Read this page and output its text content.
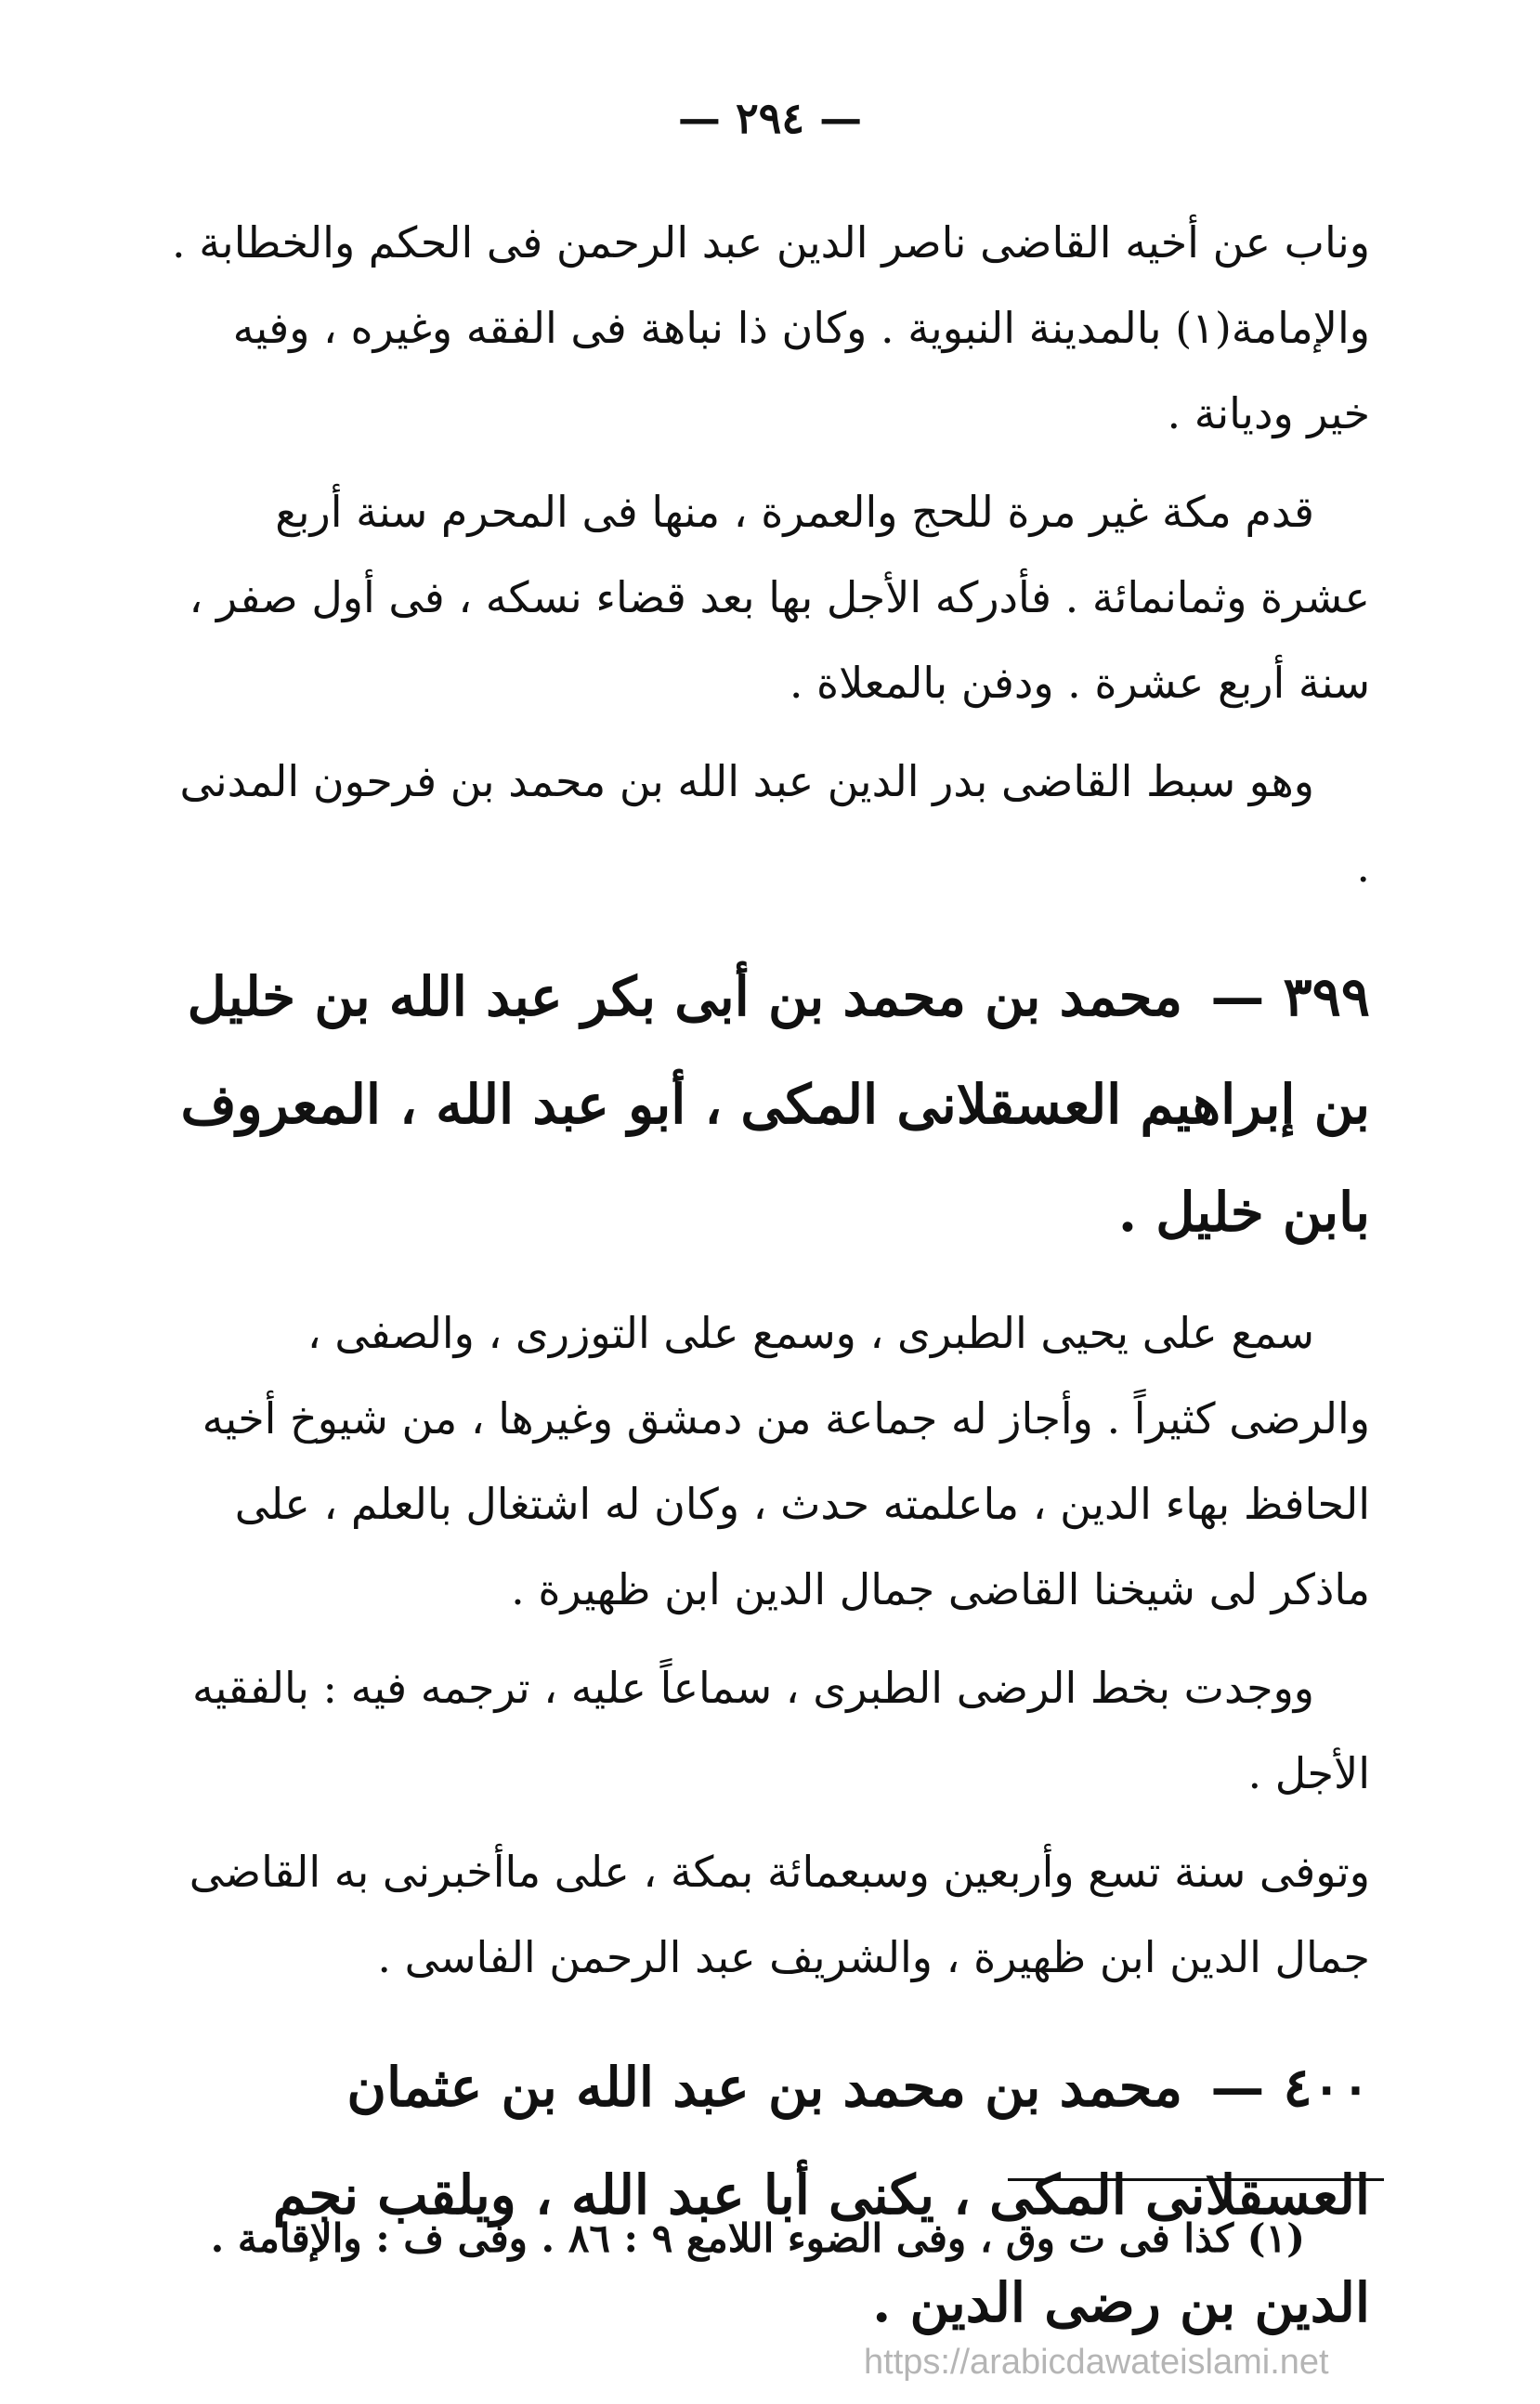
— ٢٩٤ —

وناب عن أخيه القاضى ناصر الدين عبد الرحمن فى الحكم والخطابة . والإمامة(١) بالمدينة النبوية . وكان ذا نباهة فى الفقه وغيره ، وفيه خير وديانة .

قدم مكة غير مرة للحج والعمرة ، منها فى المحرم سنة أربع عشرة وثمانمائة . فأدركه الأجل بها بعد قضاء نسكه ، فى أول صفر ، سنة أربع عشرة . ودفن بالمعلاة .

وهو سبط القاضى بدر الدين عبد الله بن محمد بن فرحون المدنى .

٣٩٩ — محمد بن محمد بن أبى بكر عبد الله بن خليل بن إبراهيم العسقلانى المكى ، أبو عبد الله ، المعروف بابن خليل .

سمع على يحيى الطبرى ، وسمع على التوزرى ، والصفى ، والرضى كثيراً . وأجاز له جماعة من دمشق وغيرها ، من شيوخ أخيه الحافظ بهاء الدين ، ماعلمته حدث ، وكان له اشتغال بالعلم ، على ماذكر لى شيخنا القاضى جمال الدين ابن ظهيرة .

ووجدت بخط الرضى الطبرى ، سماعاً عليه ، ترجمه فيه : بالفقيه الأجل .

وتوفى سنة تسع وأربعين وسبعمائة بمكة ، على ماأخبرنى به القاضى جمال الدين ابن ظهيرة ، والشريف عبد الرحمن الفاسى .

٤٠٠ — محمد بن محمد بن عبد الله بن عثمان العسقلانى المكى ، يكنى أبا عبد الله ، ويلقب نجم الدين بن رضى الدين .
(١) كذا فى ت وق ، وفى الضوء اللامع ٩ : ٨٦ . وفى ف : والإقامة .
https://arabicdawateislami.net
